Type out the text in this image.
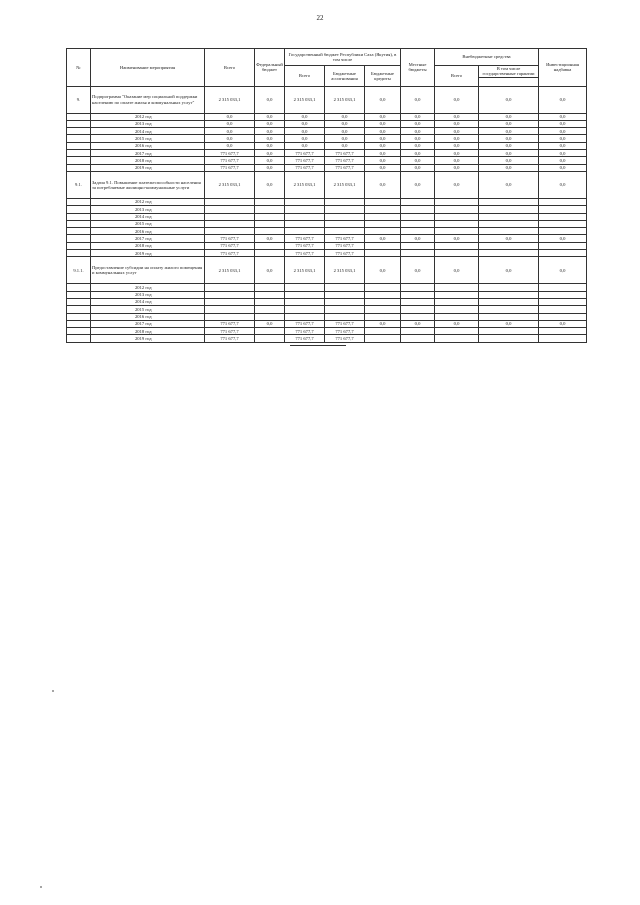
22
№	Наименование мероприятия	Всего	Федеральный бюджет	Государственный бюджет Республики Саха (Якутия), в том числе			Местные бюджеты	Внебюджетные средства		Инвестиционная надбавка
				Всего	Бюджетные ассигнования	Бюджетные кредиты		Всего	В том числе государственные гарантии	

9.	Подпрограмма "Оказание мер социальной поддержки населению по оплате жилья и коммунальных услуг"	2 315 033,1	0,0	2 315 033,1	2 315 033,1	0,0	0,0	0,0	0,0	0,0
	2012 год	0,0	0,0	0,0	0,0	0,0	0,0	0,0	0,0	0,0
	2013 год	0,0	0,0	0,0	0,0	0,0	0,0	0,0	0,0	0,0
	2014 год	0,0	0,0	0,0	0,0	0,0	0,0	0,0	0,0	0,0
	2015 год	0,0	0,0	0,0	0,0	0,0	0,0	0,0	0,0	0,0
	2016 год	0,0	0,0	0,0	0,0	0,0	0,0	0,0	0,0	0,0
	2017 год	771 677,7	0,0	771 677,7	771 677,7	0,0	0,0	0,0	0,0	0,0
	2018 год	771 677,7	0,0	771 677,7	771 677,7	0,0	0,0	0,0	0,0	0,0
	2019 год	771 677,7	0,0	771 677,7	771 677,7	0,0	0,0	0,0	0,0	0,0
9.1.	Задача 9.1. Повышение платежеспособности населения за потребляемые жилищно-коммунальные услуги	2 315 033,1	0,0	2 315 033,1	2 315 033,1	0,0	0,0	0,0	0,0	0,0
	2012 год									
	2013 год									
	2014 год									
	2015 год									
	2016 год									
	2017 год	771 677,7	0,0	771 677,7	771 677,7	0,0	0,0	0,0	0,0	0,0
	2018 год	771 677,7		771 677,7	771 677,7					
	2019 год	771 677,7		771 677,7	771 677,7					
9.1.1.	Предоставление субсидии на оплату жилого помещения и коммунальных услуг	2 315 033,1	0,0	2 315 033,1	2 315 033,1	0,0	0,0	0,0	0,0	0,0
	2012 год									
	2013 год									
	2014 год									
	2015 год									
	2016 год									
	2017 год	771 677,7	0,0	771 677,7	771 677,7	0,0	0,0	0,0	0,0	0,0
	2018 год	771 677,7		771 677,7	771 677,7					
	2019 год	771 677,7		771 677,7	771 677,7					
